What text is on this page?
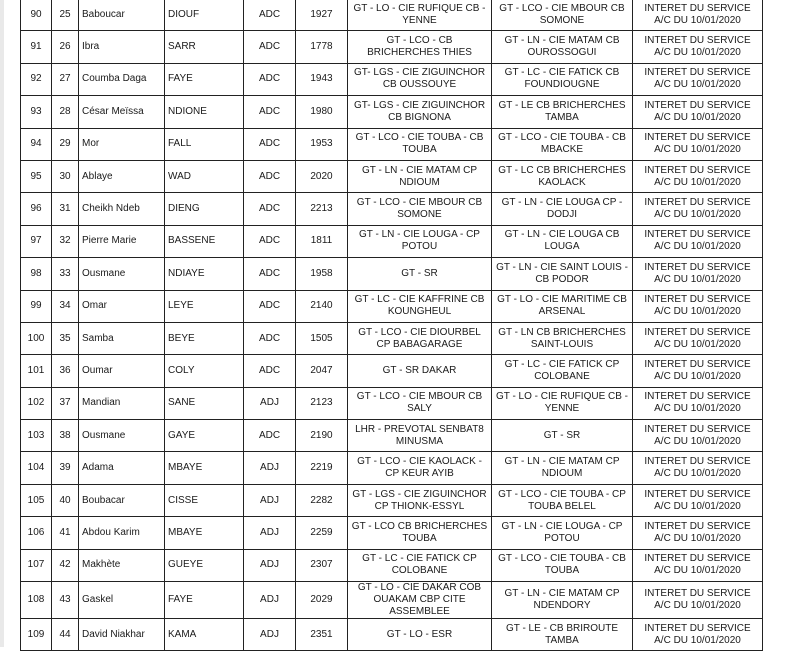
90	25	Baboucar	DIOUF	ADC	1927	GT - LO - CIE RUFIQUE CB - YENNE	GT - LCO - CIE MBOUR CB SOMONE	INTERET DU SERVICE A/C DU 10/01/2020
91	26	Ibra	SARR	ADC	1778	GT - LCO - CB BRICHERCHES THIES	GT - LN - CIE MATAM CB OUROSSOGUI	INTERET DU SERVICE A/C DU 10/01/2020
92	27	Coumba Daga	FAYE	ADC	1943	GT- LGS - CIE ZIGUINCHOR CB OUSSOUYE	GT - LC - CIE FATICK CB FOUNDIOUGNE	INTERET DU SERVICE A/C DU 10/01/2020
93	28	César Meïssa	NDIONE	ADC	1980	GT- LGS - CIE ZIGUINCHOR CB BIGNONA	GT - LE CB BRICHERCHES TAMBA	INTERET DU SERVICE A/C DU 10/01/2020
94	29	Mor	FALL	ADC	1953	GT - LCO - CIE TOUBA - CB TOUBA	GT - LCO - CIE TOUBA - CB MBACKE	INTERET DU SERVICE A/C DU 10/01/2020
95	30	Ablaye	WAD	ADC	2020	GT - LN - CIE MATAM CP NDIOUM	GT - LC CB BRICHERCHES KAOLACK	INTERET DU SERVICE A/C DU 10/01/2020
96	31	Cheikh Ndeb	DIENG	ADC	2213	GT - LCO - CIE MBOUR CB SOMONE	GT - LN - CIE LOUGA CP - DODJI	INTERET DU SERVICE A/C DU 10/01/2020
97	32	Pierre Marie	BASSENE	ADC	1811	GT - LN - CIE LOUGA - CP POTOU	GT - LN - CIE LOUGA CB LOUGA	INTERET DU SERVICE A/C DU 10/01/2020
98	33	Ousmane	NDIAYE	ADC	1958	GT - SR	GT - LN - CIE SAINT LOUIS - CB PODOR	INTERET DU SERVICE A/C DU 10/01/2020
99	34	Omar	LEYE	ADC	2140	GT - LC - CIE KAFFRINE CB KOUNGHEUL	GT - LO - CIE MARITIME CB ARSENAL	INTERET DU SERVICE A/C DU 10/01/2020
100	35	Samba	BEYE	ADC	1505	GT - LCO - CIE DIOURBEL CP BABAGARAGE	GT - LN CB BRICHERCHES SAINT-LOUIS	INTERET DU SERVICE A/C DU 10/01/2020
101	36	Oumar	COLY	ADC	2047	GT - SR DAKAR	GT - LC - CIE FATICK CP COLOBANE	INTERET DU SERVICE A/C DU 10/01/2020
102	37	Mandian	SANE	ADJ	2123	GT - LCO - CIE MBOUR CB SALY	GT - LO - CIE RUFIQUE CB - YENNE	INTERET DU SERVICE A/C DU 10/01/2020
103	38	Ousmane	GAYE	ADC	2190	LHR - PREVOTAL SENBAT8 MINUSMA	GT - SR	INTERET DU SERVICE A/C DU 10/01/2020
104	39	Adama	MBAYE	ADJ	2219	GT - LCO - CIE KAOLACK - CP KEUR AYIB	GT - LN - CIE MATAM CP NDIOUM	INTERET DU SERVICE A/C DU 10/01/2020
105	40	Boubacar	CISSE	ADJ	2282	GT - LGS - CIE ZIGUINCHOR CP THIONK-ESSYL	GT - LCO - CIE TOUBA - CP TOUBA BELEL	INTERET DU SERVICE A/C DU 10/01/2020
106	41	Abdou Karim	MBAYE	ADJ	2259	GT - LCO CB BRICHERCHES TOUBA	GT - LN - CIE LOUGA - CP POTOU	INTERET DU SERVICE A/C DU 10/01/2020
107	42	Makhète	GUEYE	ADJ	2307	GT - LC - CIE FATICK CP COLOBANE	GT - LCO - CIE TOUBA - CB TOUBA	INTERET DU SERVICE A/C DU 10/01/2020
108	43	Gaskel	FAYE	ADJ	2029	GT - LO - CIE DAKAR COB OUAKAM CBP CITE ASSEMBLEE	GT - LN - CIE MATAM CP NDENDORY	INTERET DU SERVICE A/C DU 10/01/2020
109	44	David Niakhar	KAMA	ADJ	2351	GT - LO - ESR	GT - LE - CB BRIROUTE TAMBA	INTERET DU SERVICE A/C DU 10/01/2020
